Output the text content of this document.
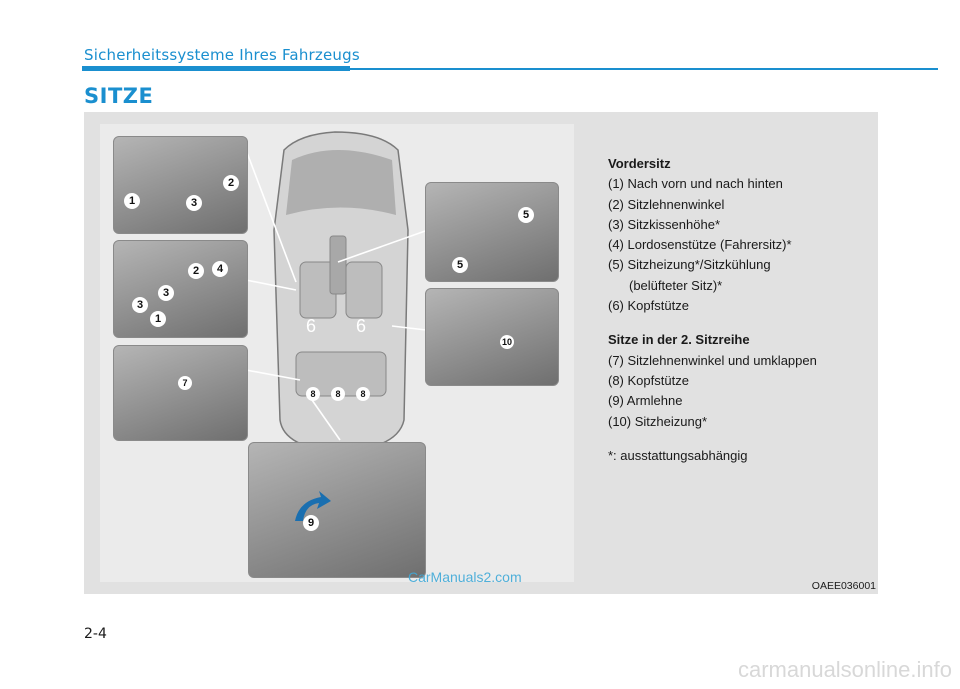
Sicherheitssysteme Ihres Fahrzeugs
SITZE
1
2
3
2	4
3
3
1
7
5
5
10
9
6 6
8	8	8
Vordersitz
(1) Nach vorn und nach hinten
(2) Sitzlehnenwinkel
(3) Sitzkissenhöhe*
(4) Lordosenstütze (Fahrersitz)*
(5) Sitzheizung*/Sitzkühlung
(belüfteter Sitz)*
(6) Kopfstütze
Sitze in der 2. Sitzreihe
(7) Sitzlehnenwinkel und umklappen
(8) Kopfstütze
(9) Armlehne
(10) Sitzheizung*
*: ausstattungsabhängig
OAEE036001
CarManuals2.com
2-4
carmanualsonline.info
